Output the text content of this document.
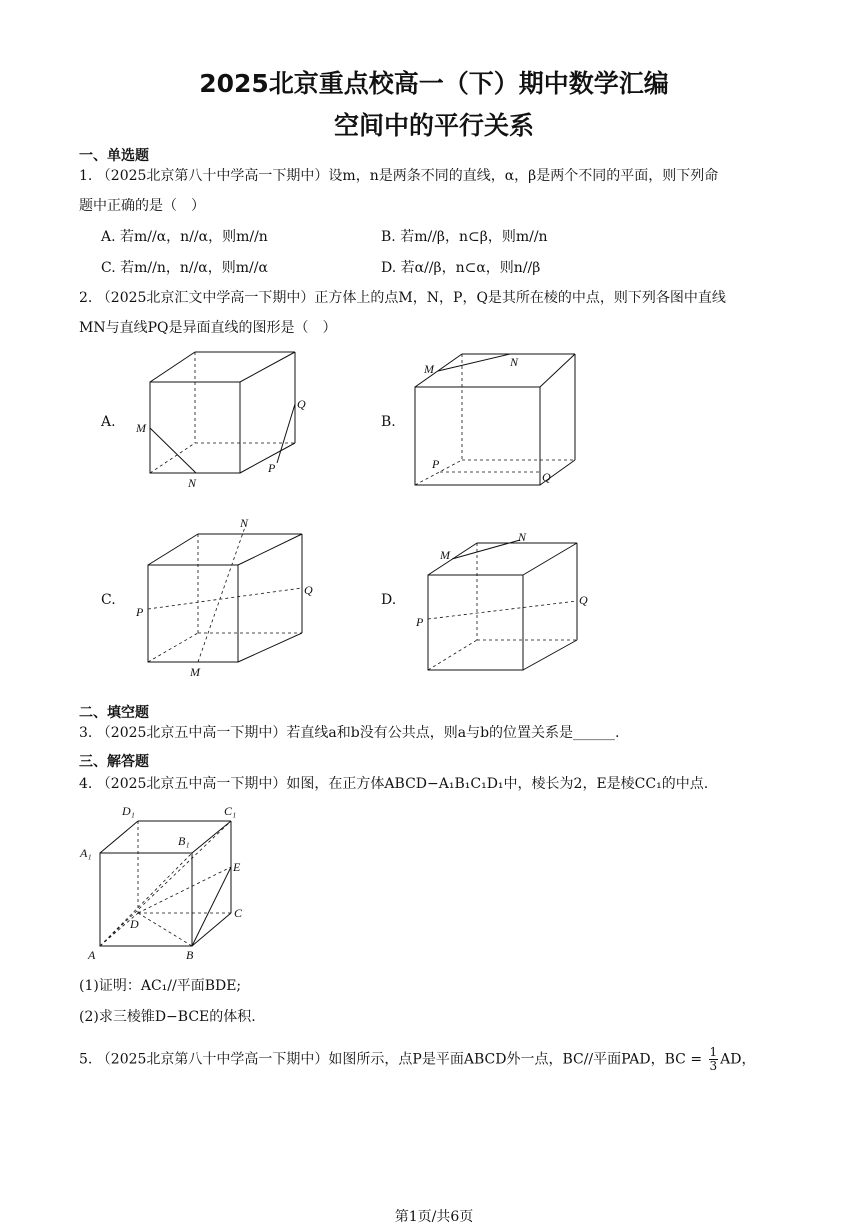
2025北京重点校高一（下）期中数学汇编
空间中的平行关系
一、单选题
1. （2025北京第八十中学高一下期中）设m，n是两条不同的直线，α，β是两个不同的平面，则下列命
题中正确的是（　）
A. 若m//α，n//α，则m//n	B. 若m//β，n⊂β，则m//n
C. 若m//n，n//α，则m//α	D. 若α//β，n⊂α，则n//β
2. （2025北京汇文中学高一下期中）正方体上的点M，N，P，Q是其所在棱的中点，则下列各图中直线
MN与直线PQ是异面直线的图形是（　）
A. M
N
P
Q
B.
M	N
P
Q
C.
N
P
Q
M
D.
M
N
P
Q
二、填空题
3. （2025北京五中高一下期中）若直线a和b没有公共点，则a与b的位置关系是______.
三、解答题
4. （2025北京五中高一下期中）如图，在正方体ABCD−A₁B₁C₁D₁中，棱长为2，E是棱CC₁的中点.
D₁	C₁
A₁
B₁
E
C
D
A	B
(1)证明：AC₁//平面BDE;
(2)求三棱锥D−BCE的体积.
5. （2025北京第八十中学高一下期中）如图所示，点P是平面ABCD外一点，BC//平面PAD，BC = $\frac{1}{3}$ AD，
第1页/共6页
